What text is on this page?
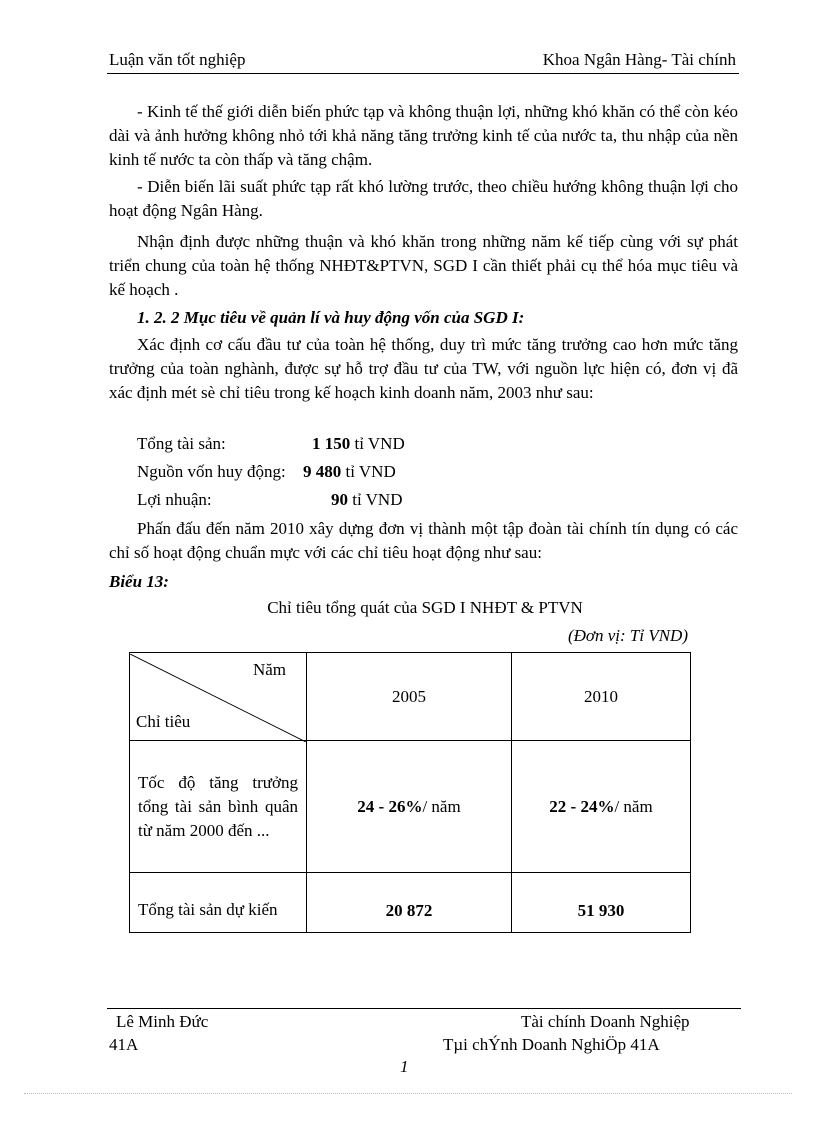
Luận văn tốt nghiệp	Khoa Ngân Hàng- Tài chính
- Kinh tế thế giới diễn biến phức tạp và không thuận lợi, những khó khăn có thể còn kéo dài và ảnh hưởng không nhỏ tới khả năng tăng trưởng kinh tế của nước ta, thu nhập của nền kinh tế nước ta còn thấp và tăng chậm.
- Diễn biến lãi suất phức tạp rất khó lường trước, theo chiều hướng không thuận lợi cho hoạt động Ngân Hàng.
Nhận định được những thuận và khó khăn trong những năm kế tiếp cùng với sự phát triển chung của toàn hệ thống NHĐT&PTVN, SGD I cần thiết phải cụ thể hóa mục tiêu và kế hoạch .
1. 2. 2 Mục tiêu về quản lí và huy động vốn của SGD I:
Xác định cơ cấu đầu tư của toàn hệ thống, duy trì mức tăng trưởng cao hơn mức tăng trưởng của toàn nghành, được sự hỗ trợ đầu tư của TW, với nguồn lực hiện có, đơn vị đã xác định mét sè chỉ tiêu trong kế hoạch kinh doanh năm, 2003 như sau:
Tổng tài sản:	1 150 tỉ VND
Nguồn vốn huy động: 9 480 tỉ VND
Lợi nhuận:	90 tỉ VND
Phấn đấu đến năm 2010 xây dựng đơn vị thành một tập đoàn tài chính tín dụng có các chỉ số hoạt động chuẩn mực với các chỉ tiêu hoạt động như sau:
Biểu 13:
Chỉ tiêu tổng quát của SGD I NHĐT & PTVN
(Đơn vị: Tỉ VND)
Năm
Chỉ tiêu	2005	2010

Tốc độ tăng trưởng tổng tài sản bình quân từ năm 2000 đến ...	24 - 26%/ năm	22 - 24%/ năm

Tổng tài sản dự kiến	20 872	51 930
Lê Minh Đức	Tài chính Doanh Nghiệp
41A	Tµi chÝnh Doanh NghiÖp 41A
1
